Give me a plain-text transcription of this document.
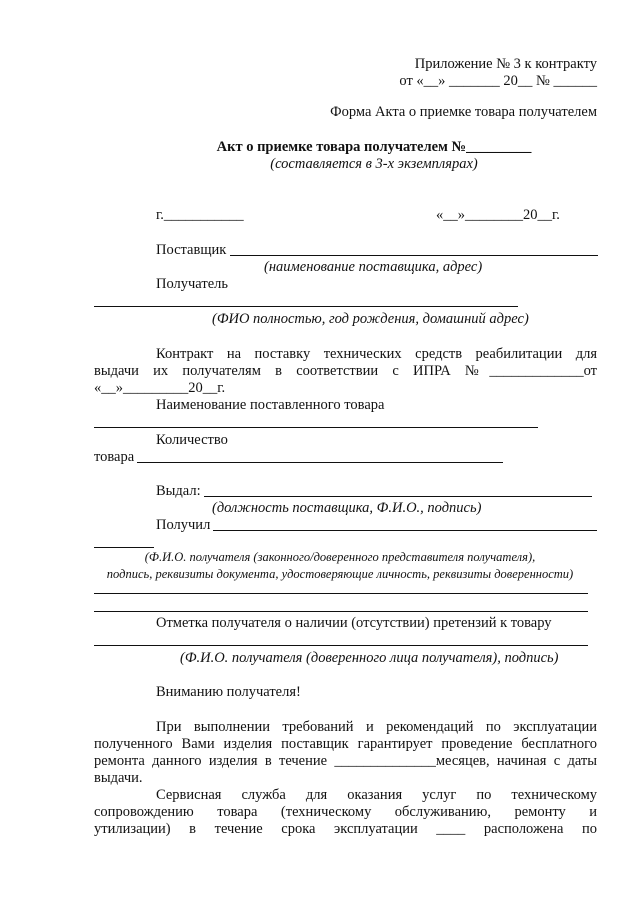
Приложение № 3 к контракту
от «__» _______ 20__ № ______
Форма Акта о приемке товара получателем
Акт о приемке товара получателем №_________
(составляется в 3-х экземплярах)
г.___________	«__»________20__г.
Поставщик
(наименование поставщика, адрес)
Получатель
(ФИО полностью, год рождения, домашний адрес)
Контракт на поставку технических средств реабилитации для
выдачи их получателям в соответствии с ИПРА №_____________от
«__»_________20__г.
Наименование поставленного товара
Количество
товара
Выдал:
(должность поставщика, Ф.И.О., подпись)
Получил
(Ф.И.О. получателя (законного/доверенного представителя получателя),
подпись, реквизиты документа, удостоверяющие личность, реквизиты доверенности)
Отметка получателя о наличии (отсутствии) претензий к товару
(Ф.И.О. получателя (доверенного лица получателя), подпись)
Вниманию получателя!
При выполнении требований и рекомендаций по эксплуатации
полученного Вами изделия поставщик гарантирует проведение бесплатного
ремонта данного изделия в течение ______________месяцев, начиная с даты
выдачи.
Сервисная служба для оказания услуг по техническому
сопровождению товара (техническому обслуживанию, ремонту и
утилизации) в течение срока эксплуатации ____ расположена по
